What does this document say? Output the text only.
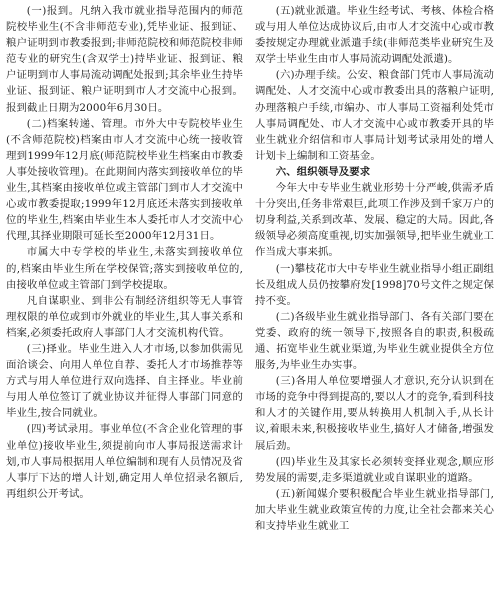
(一)报到。凡纳入我市就业指导范围内的师范院校毕业生(不含非师范专业),凭毕业证、报到证、粮户证明到市教委报到;非师范院校和师范院校非师范专业的研究生(含双学士)持毕业证、报到证、粮户证明到市人事局流动调配处报到;其余毕业生持毕业证、报到证、粮户证明到市人才交流中心报到。报到截止日期为2000年6月30日。

(二)档案转递、管理。市外大中专院校毕业生(不含师范院校)档案由市人才交流中心统一接收管理到1999年12月底(师范院校毕业生档案由市教委人事处接收管理)。在此期间内落实到接收单位的毕业生,其档案由接收单位或主管部门到市人才交流中心或市教委提取;1999年12月底还未落实到接收单位的毕业生,档案由毕业生本人委托市人才交流中心代理,其择业期限可延长至2000年12月31日。

市属大中专学校的毕业生,未落实到接收单位的,档案由毕业生所在学校保管;落实到接收单位的,由接收单位或主管部门到学校提取。

凡自谋职业、到非公有制经济组织等无人事管理权限的单位或到市外就业的毕业生,其人事关系和档案,必须委托政府人事部门人才交流机构代管。

(三)择业。毕业生进入人才市场,以参加供需见面洽谈会、向用人单位自荐、委托人才市场推荐等方式与用人单位进行双向选择、自主择业。毕业前与用人单位签订了就业协议并征得人事部门同意的毕业生,按合同就业。

(四)考试录用。事业单位(不含企业化管理的事业单位)接收毕业生,须提前向市人事局报送需求计划,市人事局根据用人单位编制和现有人员情况及省人事厅下达的增人计划,确定用人单位招录名额后,再组织公开考试。

(五)就业派遣。毕业生经考试、考核、体检合格或与用人单位达成协议后,由市人才交流中心或市教委按规定办理就业派遣手续(非师范类毕业研究生及双学士毕业生由市人事局流动调配处派遣)。

(六)办理手续。公安、粮食部门凭市人事局流动调配处、人才交流中心或市教委出具的落粮户证明,办理落粮户手续,市编办、市人事局工资福利处凭市人事局调配处、市人才交流中心或市教委开具的毕业生就业介绍信和市人事局计划考试录用处的增人计划卡上编制和工资基金。

六、组织领导及要求

今年大中专毕业生就业形势十分严峻,供需矛盾十分突出,任务非常艰巨,此项工作涉及到千家万户的切身利益,关系到改革、发展、稳定的大局。因此,各级领导必须高度重视,切实加强领导,把毕业生就业工作当成大事来抓。

(一)攀枝花市大中专毕业生就业指导小组正副组长及组成人员仍按攀府发[1998]70号文件之规定保持不变。

(二)各级毕业生就业指导部门、各有关部门要在党委、政府的统一领导下,按照各自的职责,积极疏通、拓宽毕业生就业渠道,为毕业生就业提供全方位服务,为毕业生办实事。

(三)各用人单位要增强人才意识,充分认识到在市场的竞争中得到提高的,要以人才的竞争,看到科技和人才的关键作用,要从转换用人机制入手,从长计议,着眼未来,积极接收毕业生,搞好人才储备,增强发展后劲。

(四)毕业生及其家长必须转变择业观念,顺应形势发展的需要,走多渠道就业或自谋职业的道路。

(五)新闻媒介要积极配合毕业生就业指导部门,加大毕业生就业政策宣传的力度,让全社会都来关心和支持毕业生就业工
